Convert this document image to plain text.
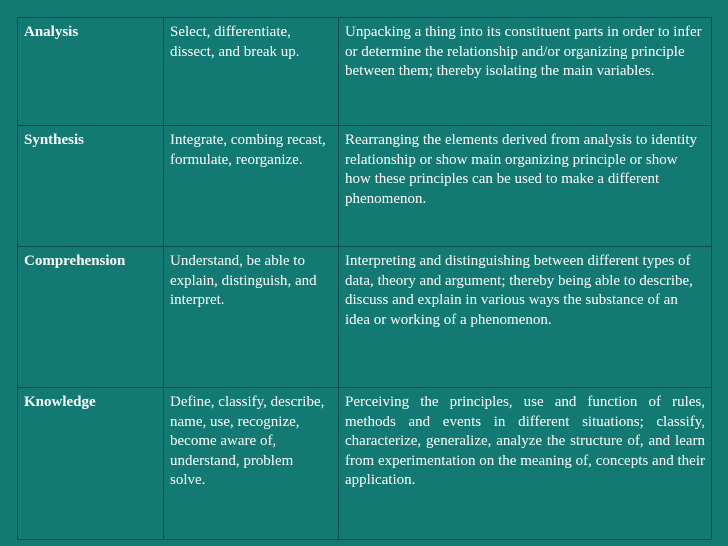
Analysis	Select, differentiate, dissect, and break up.	Unpacking a thing into its constituent parts in order to infer or determine the relationship and/or organizing principle between them; thereby isolating the main variables.
Synthesis	Integrate, combing recast, formulate, reorganize.	Rearranging the elements derived from analysis to identity relationship or show main organizing principle or show how these principles can be used to make a different phenomenon.
Comprehension	Understand, be able to explain, distinguish, and interpret.	Interpreting and distinguishing between different types of data, theory and argument; thereby being able to describe, discuss and explain in various ways the substance of an idea or working of a phenomenon.
Knowledge	Define, classify, describe, name, use, recognize, become aware of, understand, problem solve.	Perceiving the principles, use and function of rules, methods and events in different situations; classify, characterize, generalize, analyze the structure of, and learn from experimentation on the meaning of, concepts and their application.
